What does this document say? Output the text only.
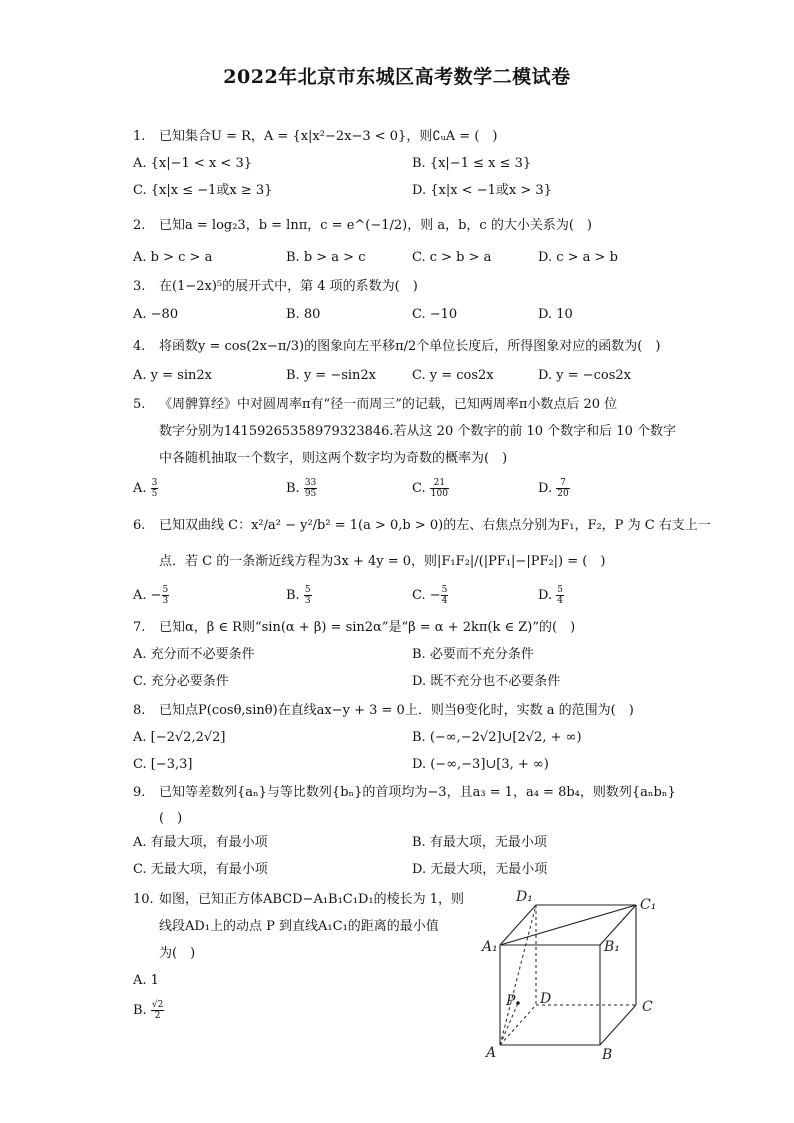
2022年北京市东城区高考数学二模试卷
1. 已知集合U = R，A = {x|x²−2x−3 < 0}，则∁ᵤA = (　)
A. {x|−1 < x < 3}	B. {x|−1 ≤ x ≤ 3}
C. {x|x ≤ −1或x ≥ 3}	D. {x|x < −1或x > 3}
2. 已知a = log₂3，b = lnπ，c = e^(−1/2)，则 a，b，c 的大小关系为(　)
A. b > c > a	B. b > a > c	C. c > b > a	D. c > a > b
3. 在(1−2x)⁵的展开式中，第 4 项的系数为(　)
A. −80	B. 80	C. −10	D. 10
4. 将函数y = cos(2x−π/3)的图象向左平移π/2个单位长度后，所得图象对应的函数为(　)
A. y = sin2x	B. y = −sin2x	C. y = cos2x	D. y = −cos2x
5. 《周髀算经》中对圆周率π有“径一而周三”的记载，已知两周率π小数点后 20 位
数字分别为14159265358979323846.若从这 20 个数字的前 10 个数字和后 10 个数字
中各随机抽取一个数字，则这两个数字均为奇数的概率为(　)
A. $\frac{3}{5}$	B. $\frac{33}{95}$	C. $\frac{21}{100}$	D. $\frac{7}{20}$
6. 已知双曲线 C：x²/a² − y²/b² = 1(a > 0,b > 0)的左、右焦点分别为F₁，F₂，P 为 C 右支上一
点．若 C 的一条渐近线方程为3x + 4y = 0，则|F₁F₂|/(|PF₁|−|PF₂|) = (　)
A. − $\frac{5}{3}$	B. $\frac{5}{3}$	C. − $\frac{5}{4}$	D. $\frac{5}{4}$
7. 已知α，β ∈ R则“sin(α + β) = sin2α”是“β = α + 2kπ(k ∈ Z)”的(　)
A. 充分而不必要条件	B. 必要而不充分条件
C. 充分必要条件	D. 既不充分也不必要条件
8. 已知点P(cosθ,sinθ)在直线ax−y + 3 = 0上．则当θ变化时，实数 a 的范围为(　)
A. [−2√2,2√2]	B. (−∞,−2√2]∪[2√2, + ∞)
C. [−3,3]	D. (−∞,−3]∪[3, + ∞)
9. 已知等差数列{aₙ}与等比数列{bₙ}的首项均为−3，且a₃ = 1，a₄ = 8b₄，则数列{aₙbₙ}
(　)
A. 有最大项，有最小项	B. 有最大项，无最小项
C. 无最大项，有最小项	D. 无最大项，无最小项
10. 如图，已知正方体ABCD−A₁B₁C₁D₁的棱长为 1，则
线段AD₁上的动点 P 到直线A₁C₁的距离的最小值
为(　)
A. 1
B. $\frac{√2}{2}$
D₁	C₁
A₁	B₁
D	C
P
A	B
